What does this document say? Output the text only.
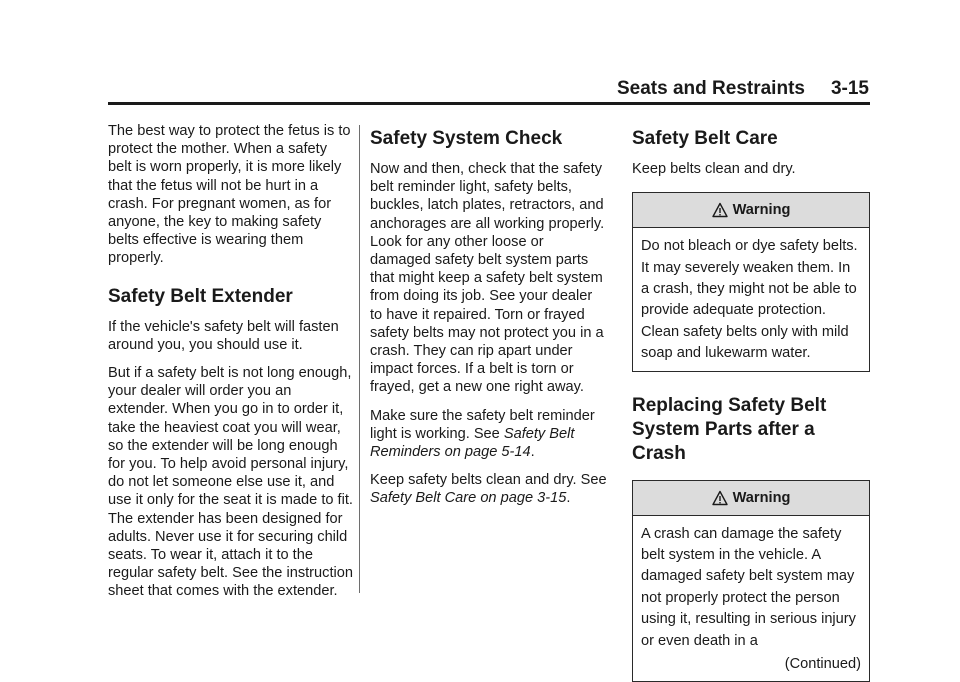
Seats and Restraints 3-15

The best way to protect the fetus is to protect the mother. When a safety belt is worn properly, it is more likely that the fetus will not be hurt in a crash. For pregnant women, as for anyone, the key to making safety belts effective is wearing them properly.

Safety Belt Extender

If the vehicle's safety belt will fasten around you, you should use it.

But if a safety belt is not long enough, your dealer will order you an extender. When you go in to order it, take the heaviest coat you will wear, so the extender will be long enough for you. To help avoid personal injury, do not let someone else use it, and use it only for the seat it is made to fit. The extender has been designed for adults. Never use it for securing child seats. To wear it, attach it to the regular safety belt. See the instruction sheet that comes with the extender.

Safety System Check

Now and then, check that the safety belt reminder light, safety belts, buckles, latch plates, retractors, and anchorages are all working properly. Look for any other loose or damaged safety belt system parts that might keep a safety belt system from doing its job. See your dealer to have it repaired. Torn or frayed safety belts may not protect you in a crash. They can rip apart under impact forces. If a belt is torn or frayed, get a new one right away.

Make sure the safety belt reminder light is working. See Safety Belt Reminders on page 5-14.

Keep safety belts clean and dry. See Safety Belt Care on page 3-15.

Safety Belt Care

Keep belts clean and dry.

Warning
Do not bleach or dye safety belts. It may severely weaken them. In a crash, they might not be able to provide adequate protection. Clean safety belts only with mild soap and lukewarm water.
Replacing Safety Belt System Parts after a Crash
Warning
A crash can damage the safety belt system in the vehicle. A damaged safety belt system may not properly protect the person using it, resulting in serious injury or even death in a
(Continued)
